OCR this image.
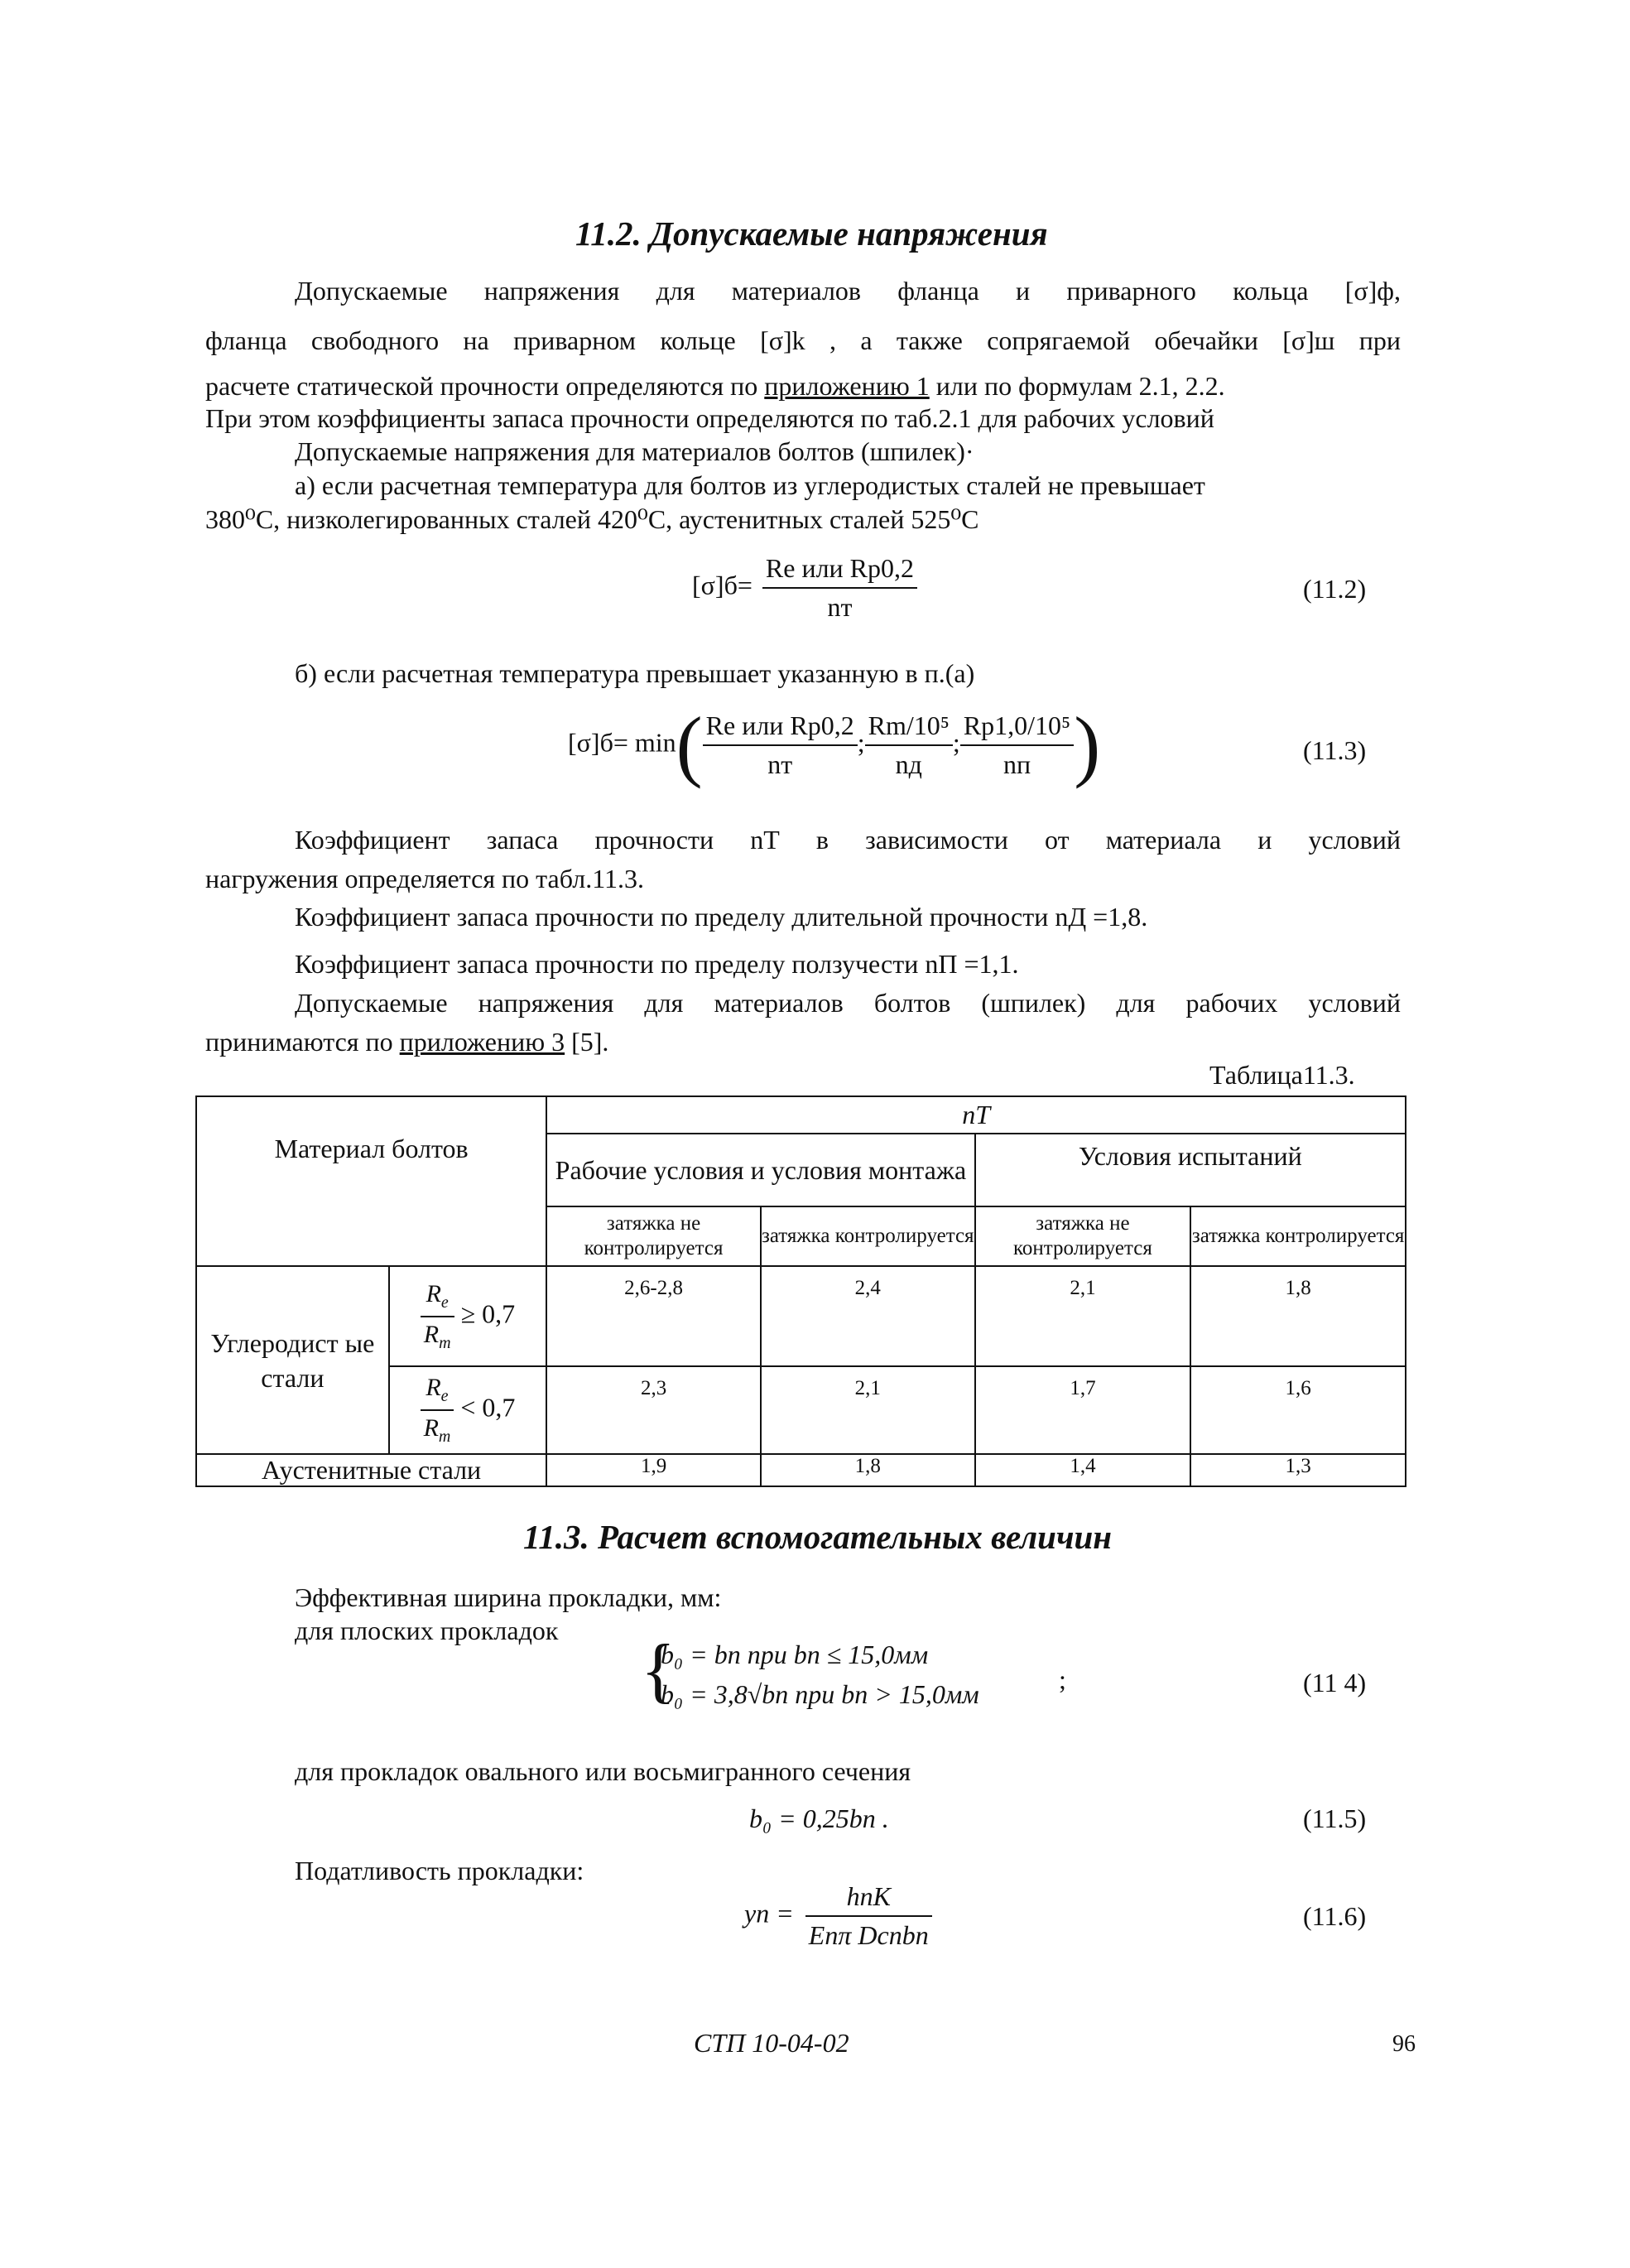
11.2. Допускаемые напряжения
Допускаемые напряжения для материалов фланца и приварного кольца [σ]ф,
фланца свободного на приварном кольце [σ]k , а также сопрягаемой обечайки [σ]ш при
расчете статической прочности определяются по приложению 1 или по формулам 2.1, 2.2.
При этом коэффициенты запаса прочности определяются по таб.2.1 для рабочих условий
Допускаемые напряжения для материалов болтов (шпилек)·
а) если расчетная температура для болтов из углеродистых сталей не превышает
380⁰С, низколегированных сталей 420⁰С, аустенитных сталей 525⁰С
$[\sigma]б= \frac{\text{Rе или Rр0,2}}{nт}$	(11.2)
б) если расчетная температура превышает указанную в п.(а)
$[\sigma]б= \min( \frac{\text{Rе или Rр0,2}}{nт}$ ; $\frac{\text{Rm/10⁵}}{nд}$ ; $\frac{\text{Rр1,0/10⁵}}{nп}$ )	(11.3)
Коэффициент запаса прочности nТ в зависимости от материала и условий
нагружения определяется по табл.11.3.
Коэффициент запаса прочности по пределу длительной прочности nД =1,8.
Коэффициент запаса прочности по пределу ползучести nП =1,1.
Допускаемые напряжения для материалов болтов (шпилек) для рабочих условий
принимаются по приложению 3 [5].
Таблица11.3.
Материал болтов		nТ			
		Рабочие условия и условия монтажа		Условия испытаний	
		затяжка не контролируется	затяжка контролируется	затяжка не контролируется	затяжка контролируется
Углеродист ые стали	$\frac{R_e}{R_m} \ge 0,7$	2,6-2,8	2,4	2,1	1,8

	$\frac{R_e}{R_m} < 0,7$	2,3	2,1	1,7	1,6
Аустенитные стали		1,9	1,8	1,4	1,3
11.3. Расчет вспомогательных величин
Эффективная ширина прокладки, мм:
для плоских прокладок {
b₀ = bп при bп ≤ 15,0мм
b₀ = 3,8√bп при bп > 15,0мм	;	(11 4)
для прокладок овального или восьмигранного сечения
b₀ = 0,25bп .	(11.5)
Податливость прокладки:
yп = $\frac{\text{hпK}}{\text{Eпπ Dспbп}}$	(11.6)
СТП 10-04-02	96
